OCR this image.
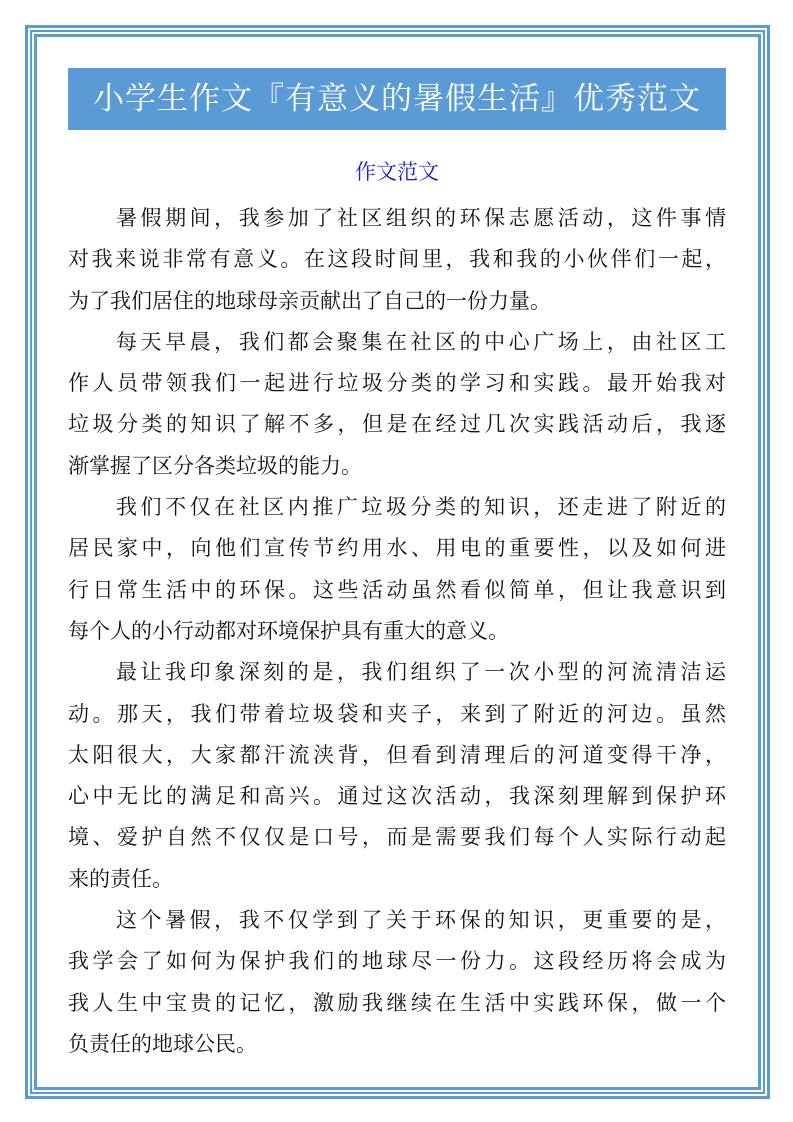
小学生作文『有意义的暑假生活』优秀范文
作文范文
暑假期间，我参加了社区组织的环保志愿活动，这件事情
对我来说非常有意义。在这段时间里，我和我的小伙伴们一起，
为了我们居住的地球母亲贡献出了自己的一份力量。
每天早晨，我们都会聚集在社区的中心广场上，由社区工
作人员带领我们一起进行垃圾分类的学习和实践。最开始我对
垃圾分类的知识了解不多，但是在经过几次实践活动后，我逐
渐掌握了区分各类垃圾的能力。
我们不仅在社区内推广垃圾分类的知识，还走进了附近的
居民家中，向他们宣传节约用水、用电的重要性，以及如何进
行日常生活中的环保。这些活动虽然看似简单，但让我意识到
每个人的小行动都对环境保护具有重大的意义。
最让我印象深刻的是，我们组织了一次小型的河流清洁运
动。那天，我们带着垃圾袋和夹子，来到了附近的河边。虽然
太阳很大，大家都汗流浃背，但看到清理后的河道变得干净，
心中无比的满足和高兴。通过这次活动，我深刻理解到保护环
境、爱护自然不仅仅是口号，而是需要我们每个人实际行动起
来的责任。
这个暑假，我不仅学到了关于环保的知识，更重要的是，
我学会了如何为保护我们的地球尽一份力。这段经历将会成为
我人生中宝贵的记忆，激励我继续在生活中实践环保，做一个
负责任的地球公民。
